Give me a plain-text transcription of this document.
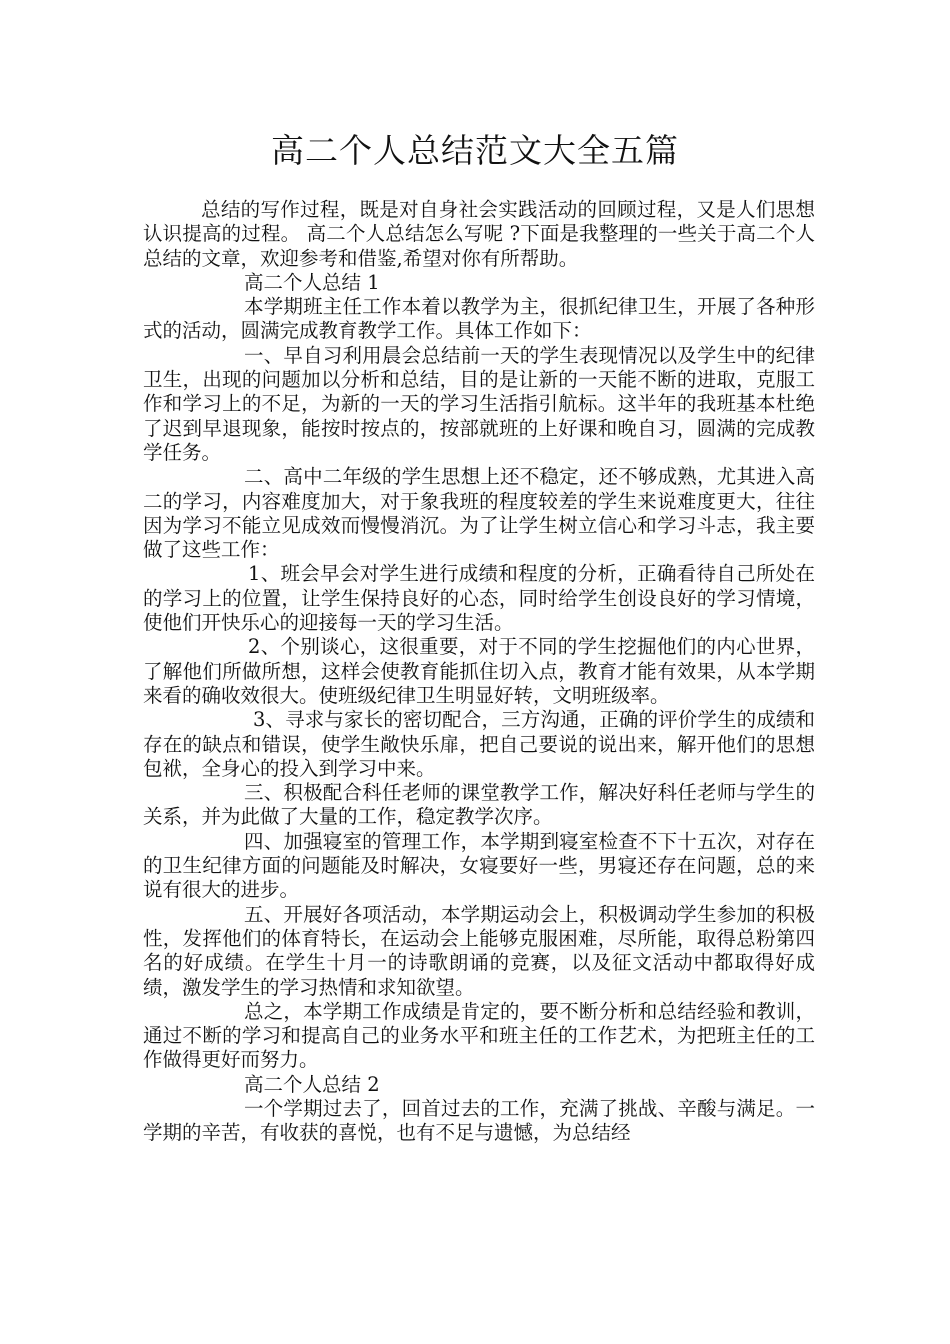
高二个人总结范文大全五篇

总结的写作过程，既是对自身社会实践活动的回顾过程，又是人们思想认识提高的过程。 高二个人总结怎么写呢 ?下面是我整理的一些关于高二个人总结的文章，欢迎参考和借鉴,希望对你有所帮助。

高二个人总结 1

本学期班主任工作本着以教学为主，很抓纪律卫生，开展了各种形式的活动，圆满完成教育教学工作。具体工作如下：

一、早自习利用晨会总结前一天的学生表现情况以及学生中的纪律卫生，出现的问题加以分析和总结，目的是让新的一天能不断的进取，克服工作和学习上的不足，为新的一天的学习生活指引航标。这半年的我班基本杜绝了迟到早退现象，能按时按点的，按部就班的上好课和晚自习，圆满的完成教学任务。

二、高中二年级的学生思想上还不稳定，还不够成熟，尤其进入高二的学习，内容难度加大，对于象我班的程度较差的学生来说难度更大，往往因为学习不能立见成效而慢慢消沉。为了让学生树立信心和学习斗志，我主要做了这些工作：

1、班会早会对学生进行成绩和程度的分析，正确看待自己所处在的学习上的位置，让学生保持良好的心态，同时给学生创设良好的学习情境，使他们开快乐心的迎接每一天的学习生活。

2、个别谈心，这很重要，对于不同的学生挖掘他们的内心世界，了解他们所做所想，这样会使教育能抓住切入点，教育才能有效果，从本学期来看的确收效很大。使班级纪律卫生明显好转，文明班级率。

3、寻求与家长的密切配合，三方沟通，正确的评价学生的成绩和存在的缺点和错误，使学生敞快乐扉，把自己要说的说出来，解开他们的思想包袱，全身心的投入到学习中来。

三、积极配合科任老师的课堂教学工作，解决好科任老师与学生的关系，并为此做了大量的工作，稳定教学次序。

四、加强寝室的管理工作，本学期到寝室检查不下十五次，对存在的卫生纪律方面的问题能及时解决，女寝要好一些，男寝还存在问题，总的来说有很大的进步。

五、开展好各项活动，本学期运动会上，积极调动学生参加的积极性，发挥他们的体育特长，在运动会上能够克服困难，尽所能，取得总粉第四名的好成绩。在学生十月一的诗歌朗诵的竞赛，以及征文活动中都取得好成绩，激发学生的学习热情和求知欲望。

总之，本学期工作成绩是肯定的，要不断分析和总结经验和教训，通过不断的学习和提高自己的业务水平和班主任的工作艺术，为把班主任的工作做得更好而努力。

高二个人总结 2

一个学期过去了，回首过去的工作，充满了挑战、辛酸与满足。一学期的辛苦，有收获的喜悦，也有不足与遗憾，为总结经
